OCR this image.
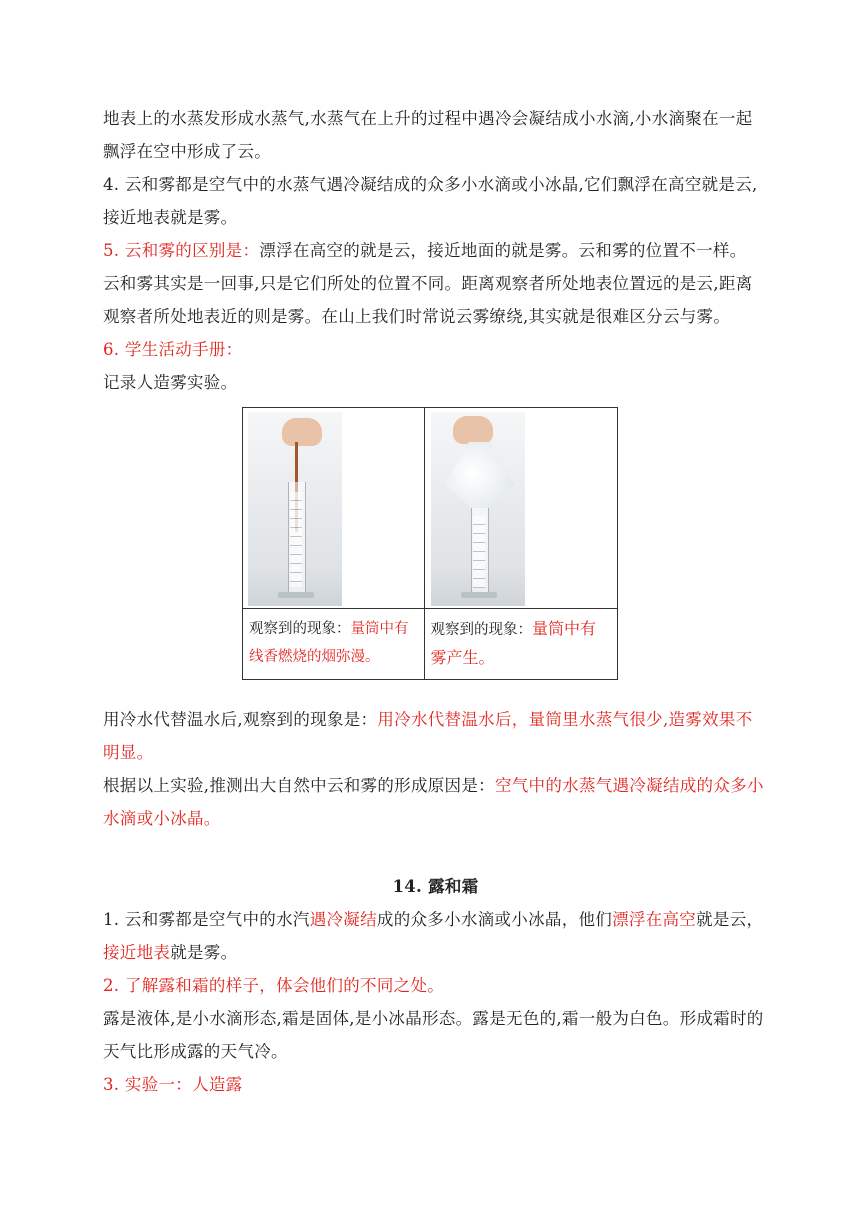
地表上的水蒸发形成水蒸气,水蒸气在上升的过程中遇冷会凝结成小水滴,小水滴聚在一起飘浮在空中形成了云。

4. 云和雾都是空气中的水蒸气遇冷凝结成的众多小水滴或小冰晶,它们飘浮在高空就是云,接近地表就是雾。

5. 云和雾的区别是：漂浮在高空的就是云，接近地面的就是雾。云和雾的位置不一样。

云和雾其实是一回事,只是它们所处的位置不同。距离观察者所处地表位置远的是云,距离观察者所处地表近的则是雾。在山上我们时常说云雾缭绕,其实就是很难区分云与雾。

6. 学生活动手册：

记录人造雾实验。

用冷水代替温水后,观察到的现象是：用冷水代替温水后，量筒里水蒸气很少,造雾效果不明显。

根据以上实验,推测出大自然中云和雾的形成原因是：空气中的水蒸气遇冷凝结成的众多小水滴或小冰晶。

14. 露和霜

1. 云和雾都是空气中的水汽遇冷凝结成的众多小水滴或小冰晶，他们漂浮在高空就是云，接近地表就是雾。

2. 了解露和霜的样子，体会他们的不同之处。

露是液体,是小水滴形态,霜是固体,是小冰晶形态。露是无色的,霜一般为白色。形成霜时的天气比形成露的天气冷。

3. 实验一：人造露

观察到的现象：量筒中有线香燃烧的烟弥漫。	观察到的现象：量筒中有雾产生。
